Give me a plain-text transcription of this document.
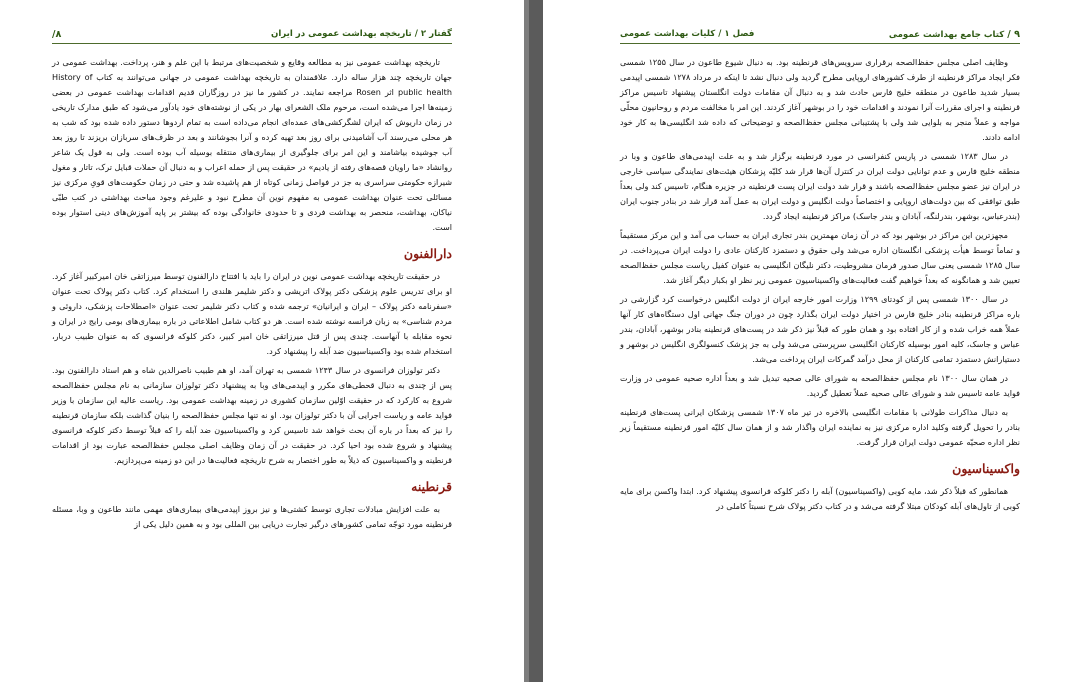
گفتار ۲ / تاریخچه بهداشت عمومی در ایران
۸/

تاریخچه بهداشت عمومی نیز به مطالعه وقایع و شخصیت‌های مرتبط با این علم و هنر، پرداخت. بهداشت عمومی در جهان تاریخچه چند هزار ساله دارد. علاقمندان به تاریخچه بهداشت عمومی در جهانی می‌توانند به کتاب History of public health اثر Rosen مراجعه نمایند. در کشور ما نیز در روزگاران قدیم اقدامات بهداشت عمومی در بعضی زمینه‌ها اجرا می‌شده است، مرحوم ملک الشعرای بهار در یکی از نوشته‌های خود یادآور می‌شود که طبق مدارک تاریخی در زمان داریوش که ایران لشگرکشی‌های عمده‌ای انجام می‌داده است به تمام اردوها دستور داده شده بود که شب به هر محلی می‌رسند آب آشامیدنی برای روز بعد تهیه کرده و آنرا بجوشانند و بعد در ظرف‌های سربازان بریزند تا روز بعد آب جوشیده بیاشامند و این امر برای جلوگیری از بیماری‌های منتقله بوسیله آب بوده است. ولی به قول یک شاعر روانشاد «ما راویان قصه‌های رفته از یادیم» در حقیقت پس از حمله اعراب و به دنبال آن حملات قبایل ترک، تاتار و مغول شیرازه حکومتی سراسری به جز در فواصل زمانی کوتاه از هم پاشیده شد و حتی در زمان حکومت‌های قویِ مرکزی نیز مسائلی تحت عنوان بهداشت عمومی به مفهوم نوین آن مطرح نبود و علیرغم وجود مباحث بهداشتی در کتب طبّی نیاکان، بهداشت، منحصر به بهداشت فردی و تا حدودی خانوادگی بوده که بیشتر بر پایه آموزش‌های دینی استوار بوده است.

دارالفنون

در حقیقت تاریخچه بهداشت عمومی نوین در ایران را باید با افتتاح دارالفنون توسط میرزاتقی خان امیرکبیر آغاز کرد. او برای تدریس علوم پزشکی دکتر پولاک اتریشی و دکتر شلیمر هلندی را استخدام کرد. کتاب دکتر پولاک تحت عنوان «سفرنامه دکتر پولاک – ایران و ایرانیان» ترجمه شده و کتاب دکتر شلیمر تحت عنوان «اصطلاحات پزشکی، داروئی و مردم شناسی» به زبان فرانسه نوشته شده است. هر دو کتاب شامل اطلاعاتی در باره بیماری‌های بومی رایج در ایران و نحوه مقابله با آنهاست. چندی پس از قتل میرزاتقی خان امیر کبیر، دکتر کلوکه فرانسوی که به عنوان طبیب دربار، استخدام شده بود واکسیناسیون ضد آبله را پیشنهاد کرد.

دکتر تولوزان فرانسوی در سال ۱۲۴۳ شمسی به تهران آمد، او هم طبیب ناصرالدین شاه و هم استاد دارالفنون بود. پس از چندی به دنبال قحطی‌های مکرر و اپیدمی‌های وبا به پیشنهاد دکتر تولوزان سازمانی به نام مجلس حفظ‌الصحه شروع به کارکرد که در حقیقت اوّلین سازمان کشوری در زمینه بهداشت عمومی بود. ریاست عالیه این سازمان با وزیر فواید عامه و ریاست اجرایی آن با دکتر تولوزان بود. او نه تنها مجلس حفظ‌الصحه را بنیان گذاشت بلکه سازمان قرنطینه را نیز که بعداً در باره آن بحث خواهد شد تاسیس کرد و واکسیناسیون ضد آبله را که قبلاً توسط دکتر کلوکه فرانسوی پیشنهاد و شروع شده بود احیا کرد. در حقیقت در آن زمان وظایف اصلی مجلس حفظ‌الصحه عبارت بود از اقدامات قرنطینه و واکسیناسیون که ذیلاً به طور اختصار به شرح تاریخچه فعالیت‌ها در این دو زمینه می‌پردازیم.

قرنطینه

به علت افزایش مبادلات تجاری توسط کشتی‌ها و نیز بروز اپیدمی‌های بیماری‌های مهمی مانند طاعون و وبا، مسئله قرنطینه مورد توجّه تمامی کشورهای درگیر تجارت دریایی بین المللی بود و به همین دلیل یکی از

۹ / کتاب جامع بهداشت عمومی
فصل ۱ / کلیات بهداشت عمومی

وظایف اصلی مجلس حفظ‌الصحه برقراری سرویس‌های قرنطینه بود. به دنبال شیوع طاعون در سال ۱۲۵۵ شمسی فکر ایجاد مراکز قرنطینه از طرف کشورهای اروپایی مطرح گردید ولی دنبال نشد تا اینکه در مرداد ۱۲۷۸ شمسی اپیدمی بسیار شدید طاعون در منطقه خلیج فارس حادث شد و به دنبال آن مقامات دولت انگلستان پیشنهاد تاسیس مراکز قرنطینه و اجرای مقررات آنرا نمودند و اقدامات خود را در بوشهر آغاز کردند. این امر با مخالفت مردم و روحانیون محلّی مواجه و عملاً منجر به بلوایی شد ولی با پشتیبانی مجلس حفظ‌الصحه و توضیحاتی که داده شد انگلیسی‌ها به کار خود ادامه دادند.

در سال ۱۲۸۳ شمسی در پاریس کنفرانسی در مورد قرنطینه برگزار شد و به علت اپیدمی‌های طاعون و وبا در منطقه خلیج فارس و عدم توانایی دولت ایران در کنترل آن‌ها قرار شد کلیّه پزشکان هیئت‌های نمایندگی سیاسی خارجی در ایران نیز عضو مجلس حفظ‌الصحه باشند و قرار شد دولت ایران پست قرنطینه در جزیره هنگام، تاسیس کند ولی بعداً طبق توافقی که بین دولت‌های اروپایی و اختصاصاً دولت انگلیس و دولت ایران به عمل آمد قرار شد در بنادر جنوب ایران (بندرعباس، بوشهر، بندرلنگه، آبادان و بندر جاسک) مراکز قرنطینه ایجاد گردد.

مجهزترین این مراکز در بوشهر بود که در آن زمان مهمترین بندر تجاری ایران به حساب می آمد و این مرکز مستقیماً و تماماً توسط هیأت پزشکی انگلستان اداره می‌شد ولی حقوق و دستمزد کارکنان عادی را دولت ایران می‌پرداخت. در سال ۱۲۸۵ شمسی یعنی سال صدور فرمان مشروطیت، دکتر نلیگان انگلیسی به عنوان کفیل ریاست مجلس حفظ‌الصحه تعیین شد و همانگونه که بعداً خواهیم گفت فعالیت‌های واکسیناسیون عمومی زیر نظر او بکبار دیگر آغاز شد.

در سال ۱۳۰۰ شمسی پس از کودتای ۱۲۹۹ وزارت امور خارجه ایران از دولت انگلیس درخواست کرد گزارشی در باره مراکز قرنطینه بنادر خلیج فارس در اختیار دولت ایران بگذارد چون در دوران جنگ جهانی اول دستگاه‌های کار آنها عملاً همه خراب شده و از کار افتاده بود و همان طور که قبلاً نیز ذکر شد در پست‌های قرنطینه بنادر بوشهر، آبادان، بندر عباس و جاسک، کلیه امور بوسیله کارکنان انگلیسی سرپرستی می‌شد ولی به جز پزشک کنسولگری انگلیس در بوشهر و دستیارانش دستمزد تمامی کارکنان از محل درآمد گمرکات ایران پرداخت می‌شد.

در همان سال ۱۳۰۰ نام مجلس حفظ‌الصحه به شورای عالی صحیه تبدیل شد و بعداً اداره صحیه عمومی در وزارت فواید عامه تاسیس شد و شورای عالی صحیه عملاً تعطیل گردید.

به دنبال مذاکرات طولانی با مقامات انگلیسی بالاخره در تیر ماه ۱۳۰۷ شمسی پزشکان ایرانی پست‌های قرنطینه بنادر را تحویل گرفته وکلید اداره مرکزی نیز به نماینده ایران واگذار شد و از همان سال کلیّه امور قرنطینه مستقیماً زیر نظر اداره صحیّه عمومی دولت ایران قرار گرفت.

واکسیناسیون

همانطور که قبلاً ذکر شد، مایه کوبی (واکسیناسیون) آبله را دکتر کلوکه فرانسوی پیشنهاد کرد. ابتدا واکسن برای مایه کوبی از تاول‌های آبله کودکان مبتلا گرفته می‌شد و در کتاب دکتر پولاک شرح نسبتاً کاملی در
